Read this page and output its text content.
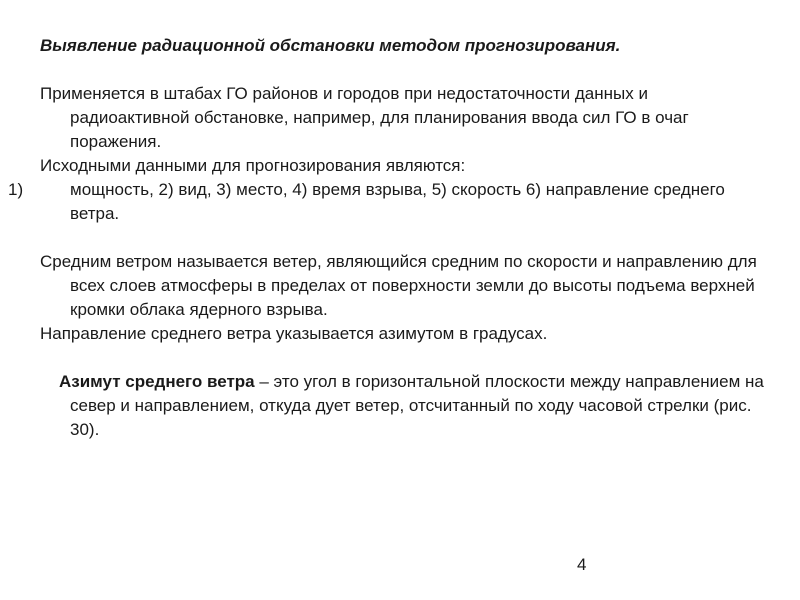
Выявление радиационной обстановки методом прогнозирования.

Применяется в штабах ГО районов и городов при недостаточности данных и радиоактивной обстановке, например, для планирования ввода сил ГО в очаг поражения.

Исходными данными для прогнозирования являются:

1)	мощность, 2) вид, 3) место, 4) время взрыва, 5) скорость 6) направление среднего ветра.

Средним ветром называется ветер, являющийся средним по скорости и направлению для всех слоев атмосферы в пределах от поверхности земли до высоты подъема верхней кромки облака ядерного взрыва.

Направление среднего ветра указывается азимутом в градусах.

Азимут среднего ветра – это угол в горизонтальной плоскости между направлением на север и направлением, откуда дует ветер, отсчитанный по ходу часовой стрелки (рис. 30).

4
